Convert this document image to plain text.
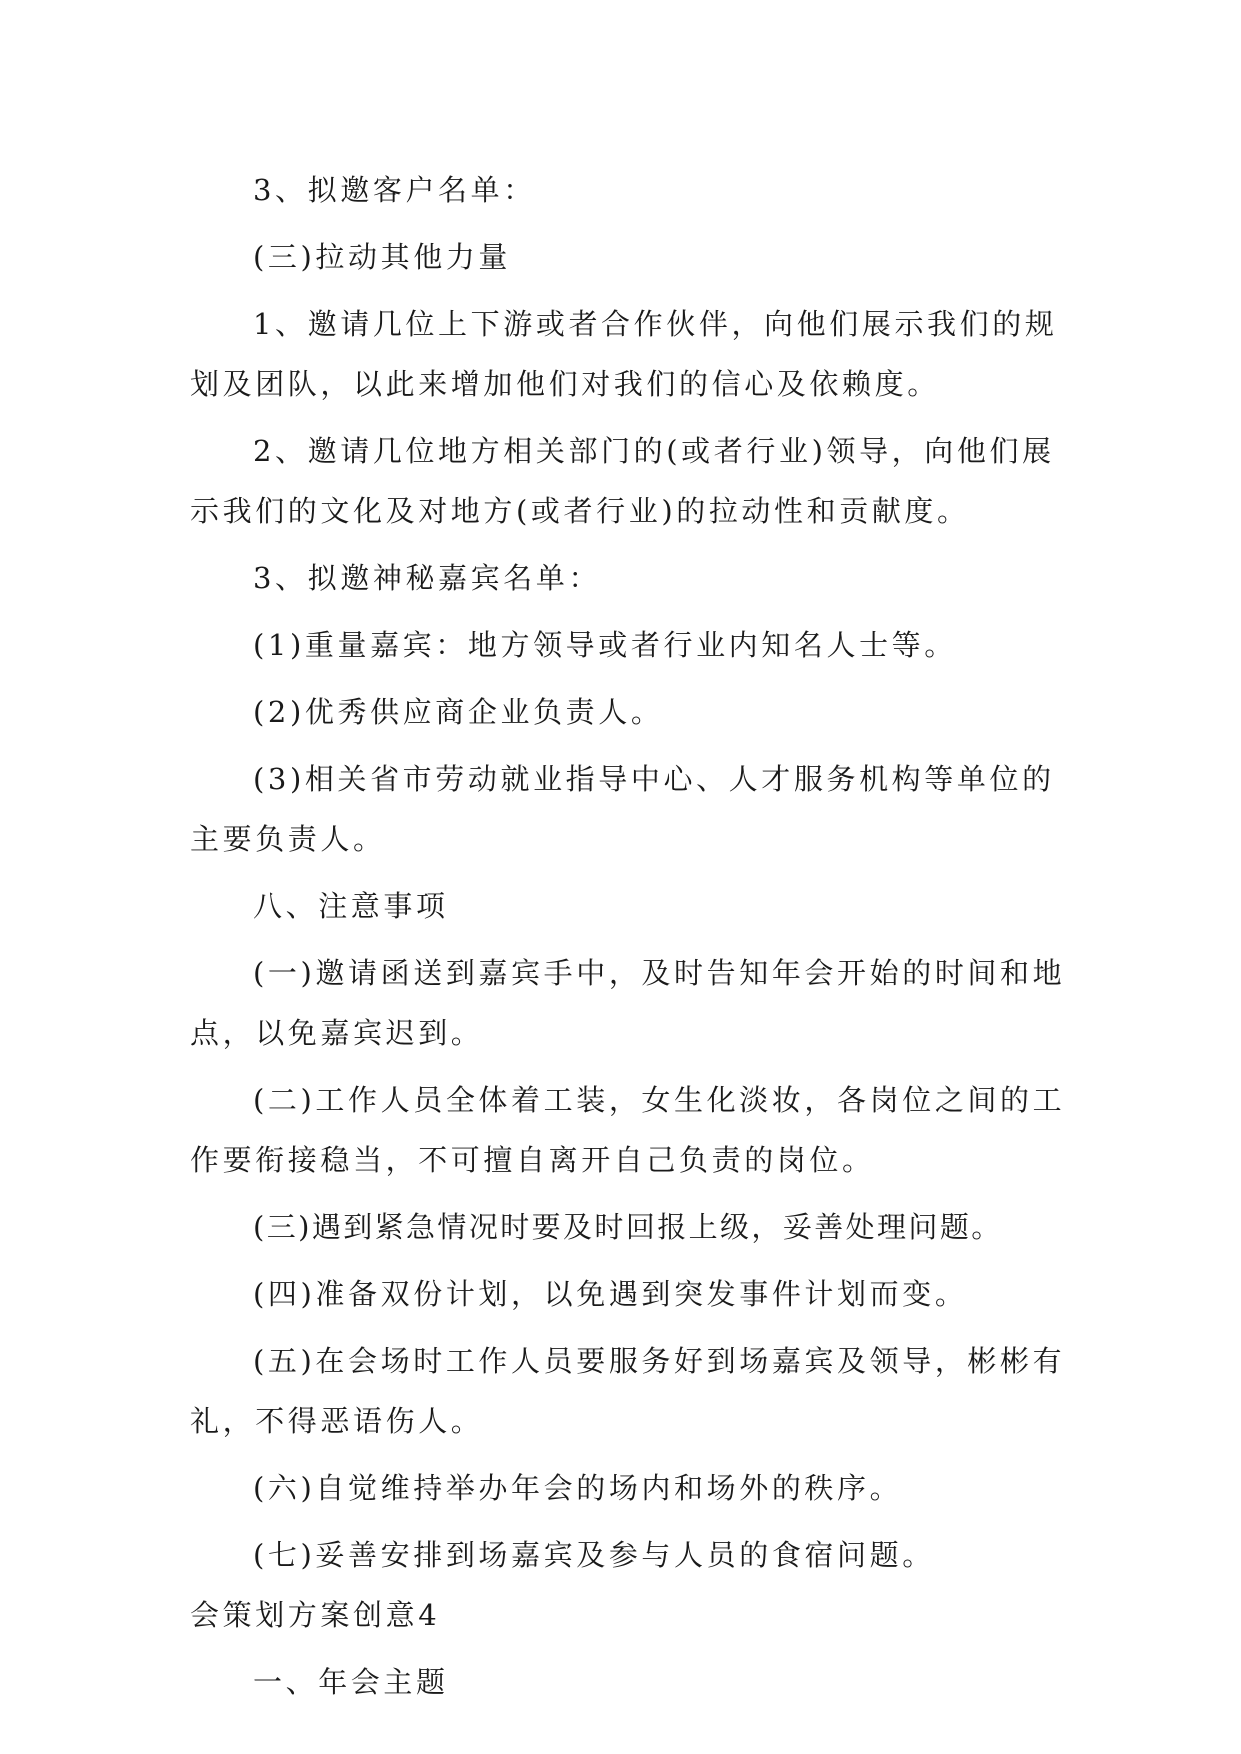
3、拟邀客户名单：

(三)拉动其他力量

1、邀请几位上下游或者合作伙伴，向他们展示我们的规划及团队，以此来增加他们对我们的信心及依赖度。

2、邀请几位地方相关部门的(或者行业)领导，向他们展示我们的文化及对地方(或者行业)的拉动性和贡献度。

3、拟邀神秘嘉宾名单：

(1)重量嘉宾：地方领导或者行业内知名人士等。

(2)优秀供应商企业负责人。

(3)相关省市劳动就业指导中心、人才服务机构等单位的主要负责人。

八、注意事项

(一)邀请函送到嘉宾手中，及时告知年会开始的时间和地点，以免嘉宾迟到。

(二)工作人员全体着工装，女生化淡妆，各岗位之间的工作要衔接稳当，不可擅自离开自己负责的岗位。

(三)遇到紧急情况时要及时回报上级，妥善处理问题。

(四)准备双份计划，以免遇到突发事件计划而变。

(五)在会场时工作人员要服务好到场嘉宾及领导，彬彬有礼，不得恶语伤人。

(六)自觉维持举办年会的场内和场外的秩序。

(七)妥善安排到场嘉宾及参与人员的食宿问题。

会策划方案创意4

一、年会主题
